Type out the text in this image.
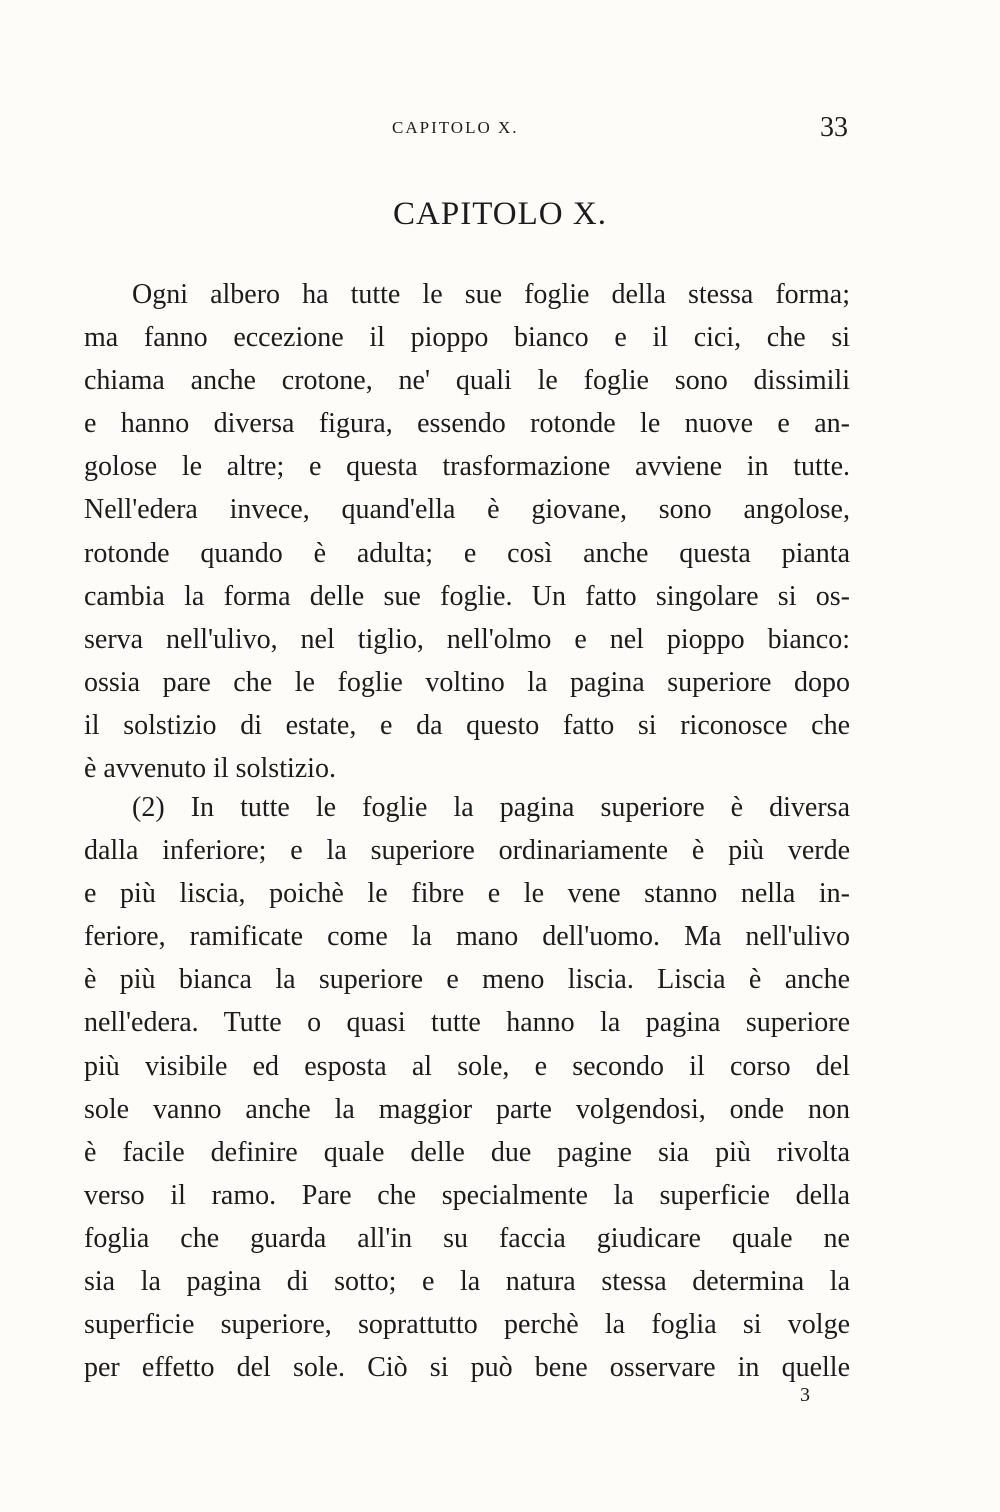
CAPITOLO X.	33
CAPITOLO X.
Ogni albero ha tutte le sue foglie della stessa forma;
ma fanno eccezione il pioppo bianco e il cici, che si
chiama anche crotone, ne' quali le foglie sono dissimili
e hanno diversa figura, essendo rotonde le nuove e an-
golose le altre; e questa trasformazione avviene in tutte.
Nell'edera invece, quand'ella è giovane, sono angolose,
rotonde quando è adulta; e così anche questa pianta
cambia la forma delle sue foglie. Un fatto singolare si os-
serva nell'ulivo, nel tiglio, nell'olmo e nel pioppo bianco:
ossia pare che le foglie voltino la pagina superiore dopo
il solstizio di estate, e da questo fatto si riconosce che
è avvenuto il solstizio.
(2) In tutte le foglie la pagina superiore è diversa
dalla inferiore; e la superiore ordinariamente è più verde
e più liscia, poichè le fibre e le vene stanno nella in-
feriore, ramificate come la mano dell'uomo. Ma nell'ulivo
è più bianca la superiore e meno liscia. Liscia è anche
nell'edera. Tutte o quasi tutte hanno la pagina superiore
più visibile ed esposta al sole, e secondo il corso del
sole vanno anche la maggior parte volgendosi, onde non
è facile definire quale delle due pagine sia più rivolta
verso il ramo. Pare che specialmente la superficie della
foglia che guarda all'in su faccia giudicare quale ne
sia la pagina di sotto; e la natura stessa determina la
superficie superiore, soprattutto perchè la foglia si volge
per effetto del sole. Ciò si può bene osservare in quelle
3
